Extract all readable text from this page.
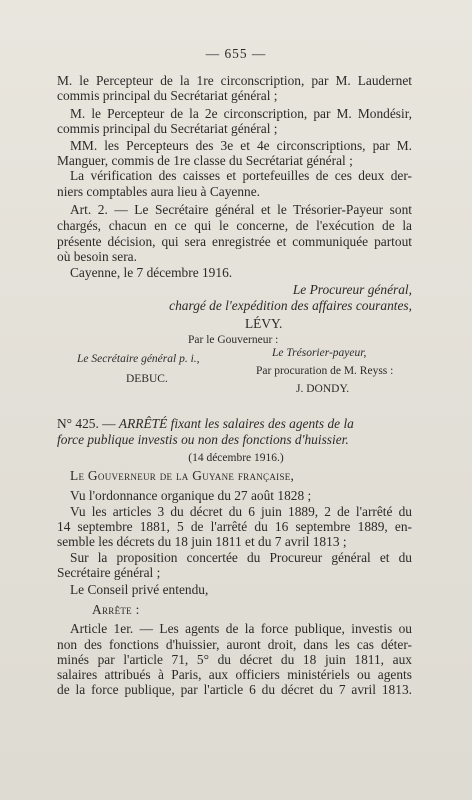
— 655 —
M. le Percepteur de la 1re circonscription, par M. Laudernet
commis principal du Secrétariat général ;
M. le Percepteur de la 2e circonscription, par M. Mondésir,
commis principal du Secrétariat général ;
MM. les Percepteurs des 3e et 4e circonscriptions, par M.
Manguer, commis de 1re classe du Secrétariat général ;
La vérification des caisses et portefeuilles de ces deux der-
niers comptables aura lieu à Cayenne.
Art. 2. — Le Secrétaire général et le Trésorier-Payeur sont
chargés, chacun en ce qui le concerne, de l'exécution de la
présente décision, qui sera enregistrée et communiquée partout
où besoin sera.
Cayenne, le 7 décembre 1916.
Le Procureur général,
chargé de l'expédition des affaires courantes,
LÉVY.
Par le Gouverneur :
Le Secrétaire général p. i.,
DEBUC.
Le Trésorier-payeur,
Par procuration de M. Reyss :
J. DONDY.
N° 425. — ARRÊTÉ fixant les salaires des agents de la
force publique investis ou non des fonctions d'huissier.
(14 décembre 1916.)
Le Gouverneur de la Guyane française,
Vu l'ordonnance organique du 27 août 1828 ;
Vu les articles 3 du décret du 6 juin 1889, 2 de l'arrêté du
14 septembre 1881, 5 de l'arrêté du 16 septembre 1889, en-
semble les décrets du 18 juin 1811 et du 7 avril 1813 ;
Sur la proposition concertée du Procureur général et du
Secrétaire général ;
Le Conseil privé entendu,
Arrête :
Article 1er. — Les agents de la force publique, investis ou
non des fonctions d'huissier, auront droit, dans les cas déter-
minés par l'article 71, 5° du décret du 18 juin 1811, aux
salaires attribués à Paris, aux officiers ministériels ou agents
de la force publique, par l'article 6 du décret du 7 avril 1813.
